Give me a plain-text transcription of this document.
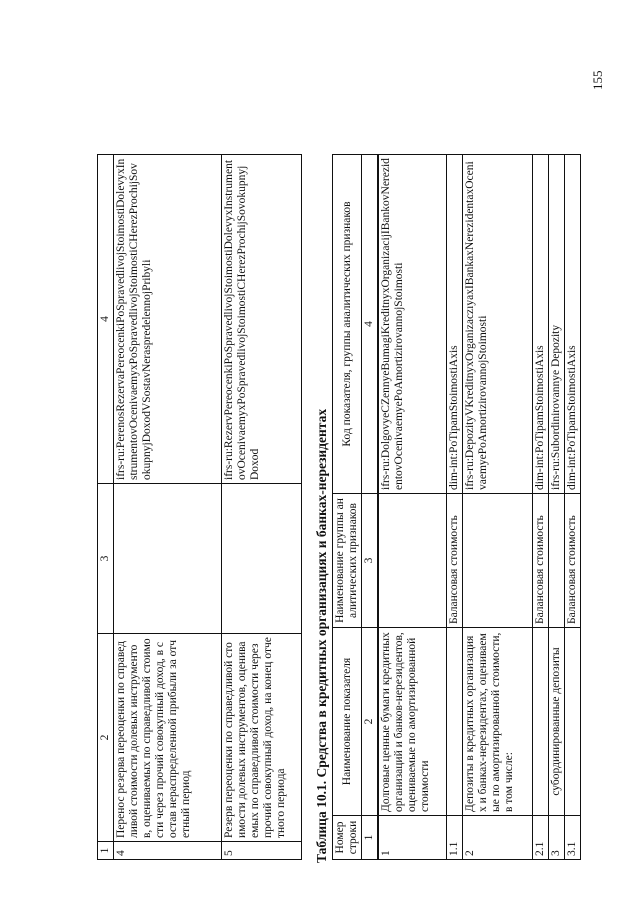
1	2	3	4
4	Перенос резерва переоценки по справедливой стоимости долевых инструментов, оцениваемых по справедливой стоимости через прочий совокупный доход, в состав нераспределенной прибыли за отчетный период		ifrs-ru:PerenosRezervaPereocenkiPoSpravedlivojStoimostiDolevyxInstrumentovOcenivaemyxPoSpravedlivojStoimostiCHerezProchijSovokupnyjDoxodVSostavNeraspredelennojPribyli
5	Резерв переоценки по справедливой стоимости долевых инструментов, оцениваемых по справедливой стоимости через прочий совокупный доход, на конец отчетного периода		ifrs-ru:RezervPereocenkiPoSpravedlivojStoimostiDolevyxInstrumentovOcenivaemyxPoSpravedlivojStoimostiCHerezProchijSovokupnyjDoxod
Таблица 10.1. Средства в кредитных организациях и банках-нерезидентах
Номер строки	Наименование показателя	Наименование группы аналитических признаков	Код показателя, группы аналитических признаков
1	2	3	4
1	Долговые ценные бумаги кредитных организаций и банков-нерезидентов, оцениваемые по амортизированной стоимости		ifrs-ru:DolgovyeCZennyeBumagiKreditnyxOrganizacijIBankovNerezidentovOcenivaemyePoAmortizirovannojStoimosti
1.1		Балансовая стоимость	dim-int:PoTipamStoimostiAxis
2	Депозиты в кредитных организациях и банках-нерезидентах, оцениваемые по амортизированной стоимости, в том числе:		ifrs-ru:DepozityVKreditnyxOrganizaczıyaxIBankaxNerezidentaxOcenivaemyePoAmortizirovannojStoimosti
2.1		Балансовая стоимость	dim-int:PoTipamStoimostiAxis
3	субординированные депозиты		ifrs-ru:Subordinirovannye Depozity
3.1		Балансовая стоимость	dim-int:PoTipamStoimostiAxis
155
